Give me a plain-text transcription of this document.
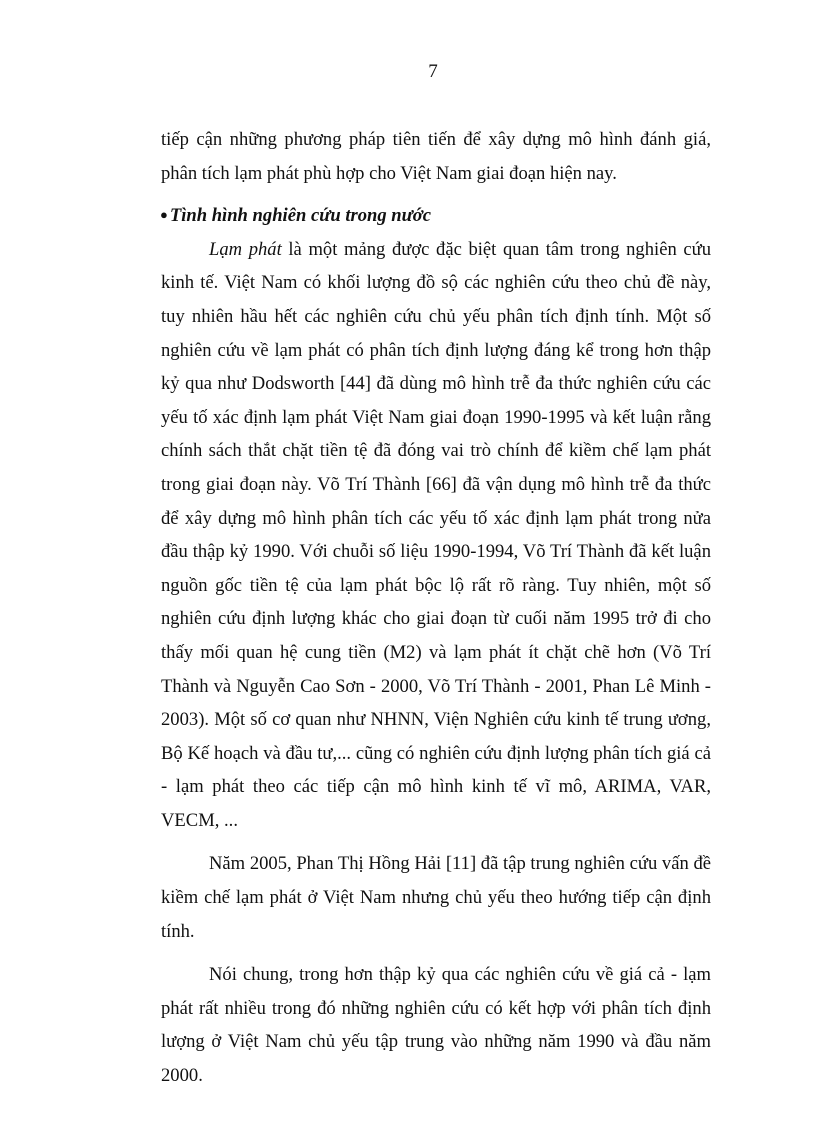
7

tiếp cận những phương pháp tiên tiến để xây dựng mô hình đánh giá, phân tích lạm phát phù hợp cho Việt Nam giai đoạn hiện nay.

● Tình hình nghiên cứu trong nước

Lạm phát là một mảng được đặc biệt quan tâm trong nghiên cứu kinh tế. Việt Nam có khối lượng đồ sộ các nghiên cứu theo chủ đề này, tuy nhiên hầu hết các nghiên cứu chủ yếu phân tích định tính. Một số nghiên cứu về lạm phát có phân tích định lượng đáng kể trong hơn thập kỷ qua như Dodsworth [44] đã dùng mô hình trễ đa thức nghiên cứu các yếu tố xác định lạm phát Việt Nam giai đoạn 1990-1995 và kết luận rằng chính sách thắt chặt tiền tệ đã đóng vai trò chính để kiềm chế lạm phát trong giai đoạn này. Võ Trí Thành [66] đã vận dụng mô hình trễ đa thức để xây dựng mô hình phân tích các yếu tố xác định lạm phát trong nửa đầu thập kỷ 1990. Với chuỗi số liệu 1990-1994, Võ Trí Thành đã kết luận nguồn gốc tiền tệ của lạm phát bộc lộ rất rõ ràng. Tuy nhiên, một số nghiên cứu định lượng khác cho giai đoạn từ cuối năm 1995 trở đi cho thấy mối quan hệ cung tiền (M2) và lạm phát ít chặt chẽ hơn (Võ Trí Thành và Nguyễn Cao Sơn - 2000, Võ Trí Thành - 2001, Phan Lê Minh - 2003). Một số cơ quan như NHNN, Viện Nghiên cứu kinh tế trung ương, Bộ Kế hoạch và đầu tư,... cũng có nghiên cứu định lượng phân tích giá cả - lạm phát theo các tiếp cận mô hình kinh tế vĩ mô, ARIMA, VAR, VECM, ...

Năm 2005, Phan Thị Hồng Hải [11] đã tập trung nghiên cứu vấn đề kiềm chế lạm phát ở Việt Nam nhưng chủ yếu theo hướng tiếp cận định tính.

Nói chung, trong hơn thập kỷ qua các nghiên cứu về giá cả - lạm phát rất nhiều trong đó những nghiên cứu có kết hợp với phân tích định lượng ở Việt Nam chủ yếu tập trung vào những năm 1990 và đầu năm 2000.
